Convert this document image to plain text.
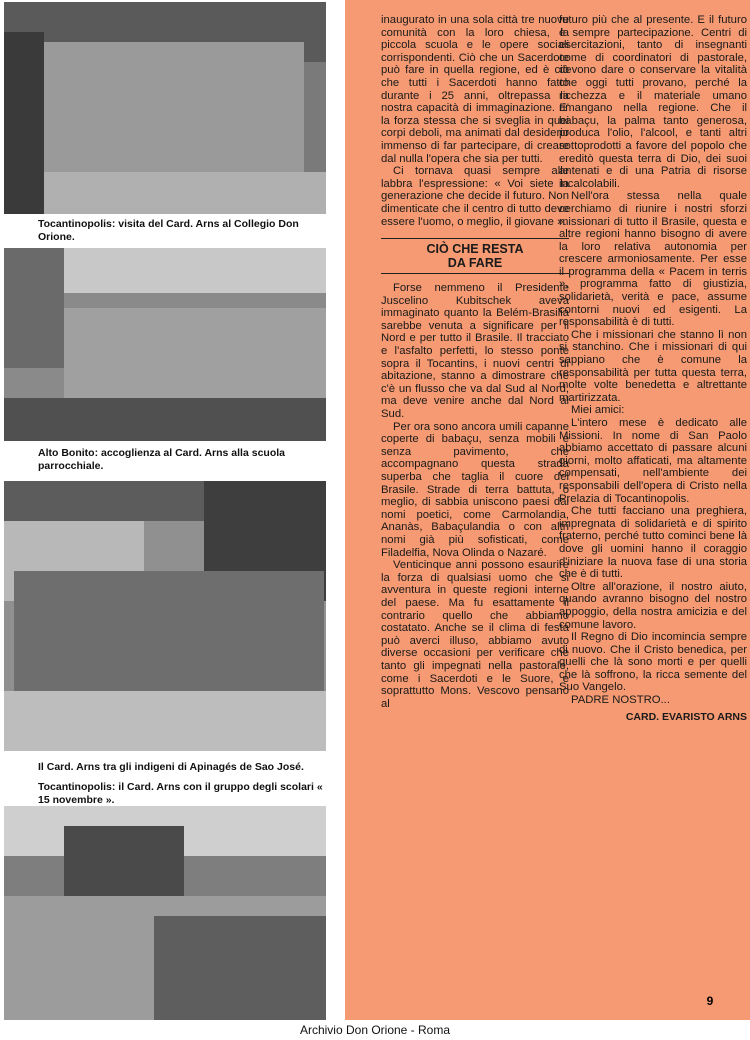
Tocantinopolis: visita del Card. Arns al Collegio Don Orione.
Alto Bonito: accoglienza al Card. Arns alla scuola parrocchiale.
Il Card. Arns tra gli indigeni di Apinagés de Sao José.
Tocantinopolis: il Card. Arns con il gruppo degli scolari « 15 novembre ».

inaugurato in una sola città tre nuove comunità con la loro chiesa, la piccola scuola e le opere sociali corrispondenti. Ciò che un Sacerdote può fare in quella regione, ed è ciò che tutti i Sacerdoti hanno fatto durante i 25 anni, oltrepassa la nostra capacità di immaginazione. E' la forza stessa che si sveglia in quei corpi deboli, ma animati dal desiderio immenso di far partecipare, di creare dal nulla l'opera che sia per tutti.

Ci tornava quasi sempre alle labbra l'espressione: « Voi siete la generazione che decide il futuro. Non dimenticate che il centro di tutto deve essere l'uomo, o meglio, il giovane ».

CIÒ CHE RESTA
DA FARE

Forse nemmeno il Presidente Juscelino Kubitschek aveva immaginato quanto la Belém-Brasilia sarebbe venuta a significare per il Nord e per tutto il Brasile. Il tracciato e l'asfalto perfetti, lo stesso ponte sopra il Tocantins, i nuovi centri di abitazione, stanno a dimostrare che c'è un flusso che va dal Sud al Nord, ma deve venire anche dal Nord al Sud.

Per ora sono ancora umili capanne coperte di babaçu, senza mobili e senza pavimento, che accompagnano questa strada superba che taglia il cuore del Brasile. Strade di terra battuta, o meglio, di sabbia uniscono paesi dai nomi poetici, come Carmolandia, Ananàs, Babaçulandia o con altri nomi già più sofisticati, come Filadelfia, Nova Olinda o Nazaré.

Venticinque anni possono esaurire la forza di qualsiasi uomo che si avventura in queste regioni interne del paese. Ma fu esattamente il contrario quello che abbiamo costatato. Anche se il clima di festa può averci illuso, abbiamo avuto diverse occasioni per verificare che tanto gli impegnati nella pastorale, come i Sacerdoti e le Suore, e soprattutto Mons. Vescovo pensano al

futuro più che al presente. E il futuro è sempre partecipazione. Centri di esercitazioni, tanto di insegnanti come di coordinatori di pastorale, devono dare o conservare la vitalità che oggi tutti provano, perché la ricchezza e il materiale umano rimangano nella regione. Che il babaçu, la palma tanto generosa, produca l'olio, l'alcool, e tanti altri sottoprodotti a favore del popolo che ereditò questa terra di Dio, dei suoi antenati e di una Patria di risorse incalcolabili.

Nell'ora stessa nella quale cerchiamo di riunire i nostri sforzi missionari di tutto il Brasile, questa e altre regioni hanno bisogno di avere la loro relativa autonomia per crescere armoniosamente. Per esse il programma della « Pacem in terris », programma fatto di giustizia, solidarietà, verità e pace, assume contorni nuovi ed esigenti. La responsabilità è di tutti.

Che i missionari che stanno lì non si stanchino. Che i missionari di qui sappiano che è comune la responsabilità per tutta questa terra, molte volte benedetta e altrettante martirizzata.

Miei amici:

L'intero mese è dedicato alle Missioni. In nome di San Paolo abbiamo accettato di passare alcuni giorni, molto affaticati, ma altamente compensati, nell'ambiente dei responsabili dell'opera di Cristo nella Prelazia di Tocantinopolis.

Che tutti facciano una preghiera, impregnata di solidarietà e di spirito fraterno, perché tutto cominci bene là dove gli uomini hanno il coraggio d'iniziare la nuova fase di una storia che è di tutti.

Oltre all'orazione, il nostro aiuto, quando avranno bisogno del nostro appoggio, della nostra amicizia e del comune lavoro.

Il Regno di Dio incomincia sempre di nuovo. Che il Cristo benedica, per quelli che là sono morti e per quelli che là soffrono, la ricca semente del Suo Vangelo.

PADRE NOSTRO...

CARD. EVARISTO ARNS
9
Archivio Don Orione - Roma
